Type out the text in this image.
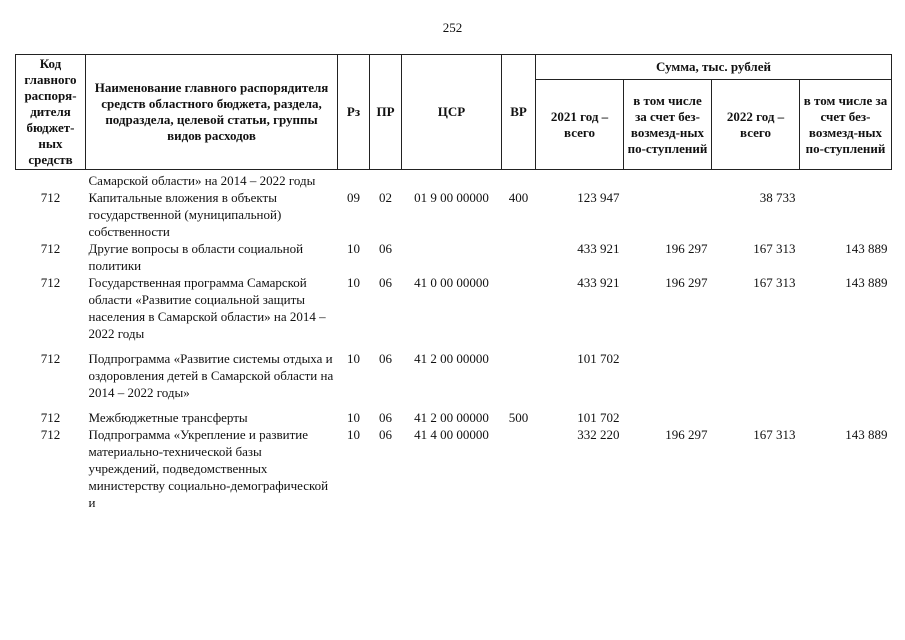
252
Код главного распоря-дителя бюджет-ных средств	Наименование главного распорядителя средств областного бюджета, раздела, подраздела, целевой статьи, группы видов расходов	Рз	ПР	ЦСР	ВР	Сумма, тыс. рублей			
						2021 год – всего	в том числе за счет без-возмезд-ных по-ступлений	2022 год – всего	в том числе за счет без-возмезд-ных по-ступлений
	Самарской области» на 2014 – 2022 годы								
712	Капитальные вложения в объекты государственной (муниципальной) собственности	09	02	01 9 00 00000	400	123 947		38 733	
712	Другие вопросы в области социальной политики	10	06			433 921	196 297	167 313	143 889
712	Государственная программа Самарской области «Развитие социальной защиты населения в Самарской области» на 2014 – 2022 годы	10	06	41 0 00 00000		433 921	196 297	167 313	143 889
712	Подпрограмма «Развитие системы отдыха и оздоровления детей в Самарской области на 2014 – 2022 годы»	10	06	41 2 00 00000		101 702			
712	Межбюджетные трансферты	10	06	41 2 00 00000	500	101 702			
712	Подпрограмма «Укрепление и развитие материально-технической базы учреждений, подведомственных министерству социально-демографической и	10	06	41 4 00 00000		332 220	196 297	167 313	143 889
